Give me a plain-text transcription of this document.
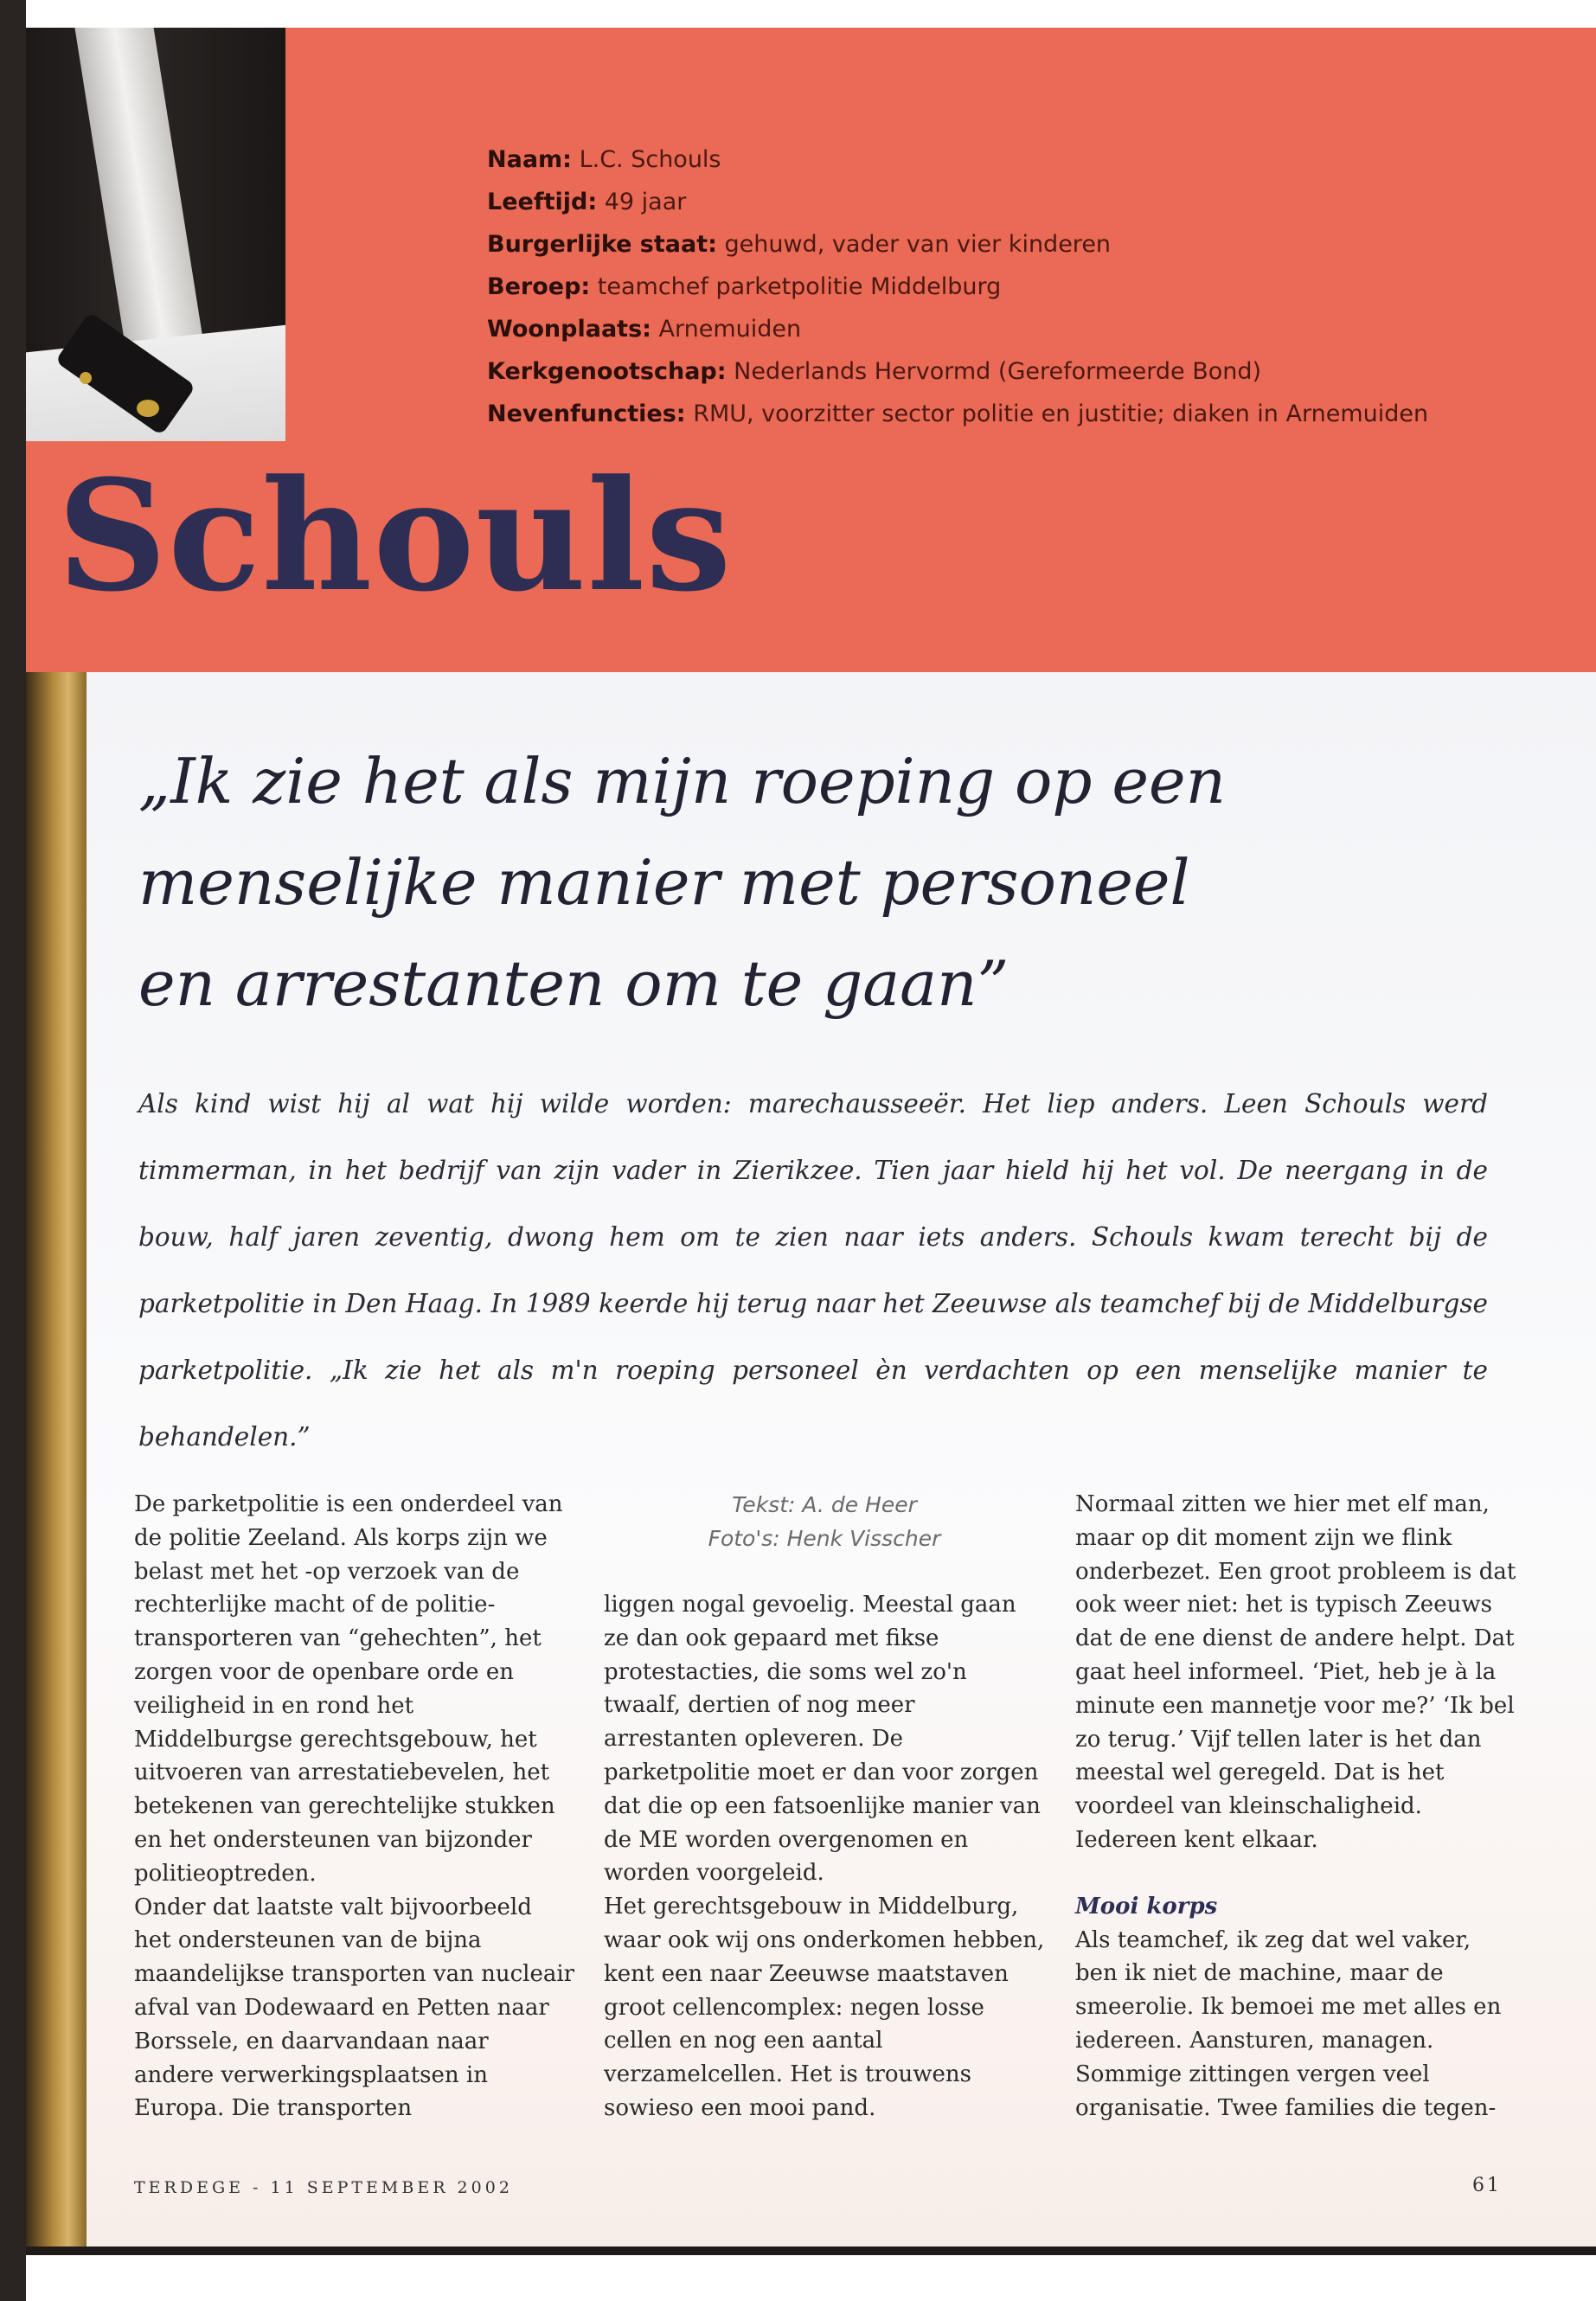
Naam: L.C. Schouls
Leeftijd: 49 jaar
Burgerlijke staat: gehuwd, vader van vier kinderen
Beroep: teamchef parketpolitie Middelburg
Woonplaats: Arnemuiden
Kerkgenootschap: Nederlands Hervormd (Gereformeerde Bond)
Nevenfuncties: RMU, voorzitter sector politie en justitie; diaken in Arnemuiden
Schouls

„Ik zie het als mijn roeping op een menselijke manier met personeel en arrestanten om te gaan”

Als kind wist hij al wat hij wilde worden: marechausseeër. Het liep anders. Leen Schouls werd timmerman, in het bedrijf van zijn vader in Zierikzee. Tien jaar hield hij het vol. De neergang in de bouw, half jaren zeventig, dwong hem om te zien naar iets anders. Schouls kwam terecht bij de parketpolitie in Den Haag. In 1989 keerde hij terug naar het Zeeuwse als teamchef bij de Middelburgse parketpolitie. „Ik zie het als m'n roeping personeel èn verdachten op een menselijke manier te behandelen.”

De parketpolitie is een onderdeel van de politie Zeeland. Als korps zijn we belast met het -op verzoek van de rechterlijke macht of de politie- transporteren van “gehechten”, het zorgen voor de openbare orde en veiligheid in en rond het Middelburgse gerechtsgebouw, het uitvoeren van arrestatiebevelen, het betekenen van gerechtelijke stukken en het ondersteunen van bijzonder politieoptreden.

Onder dat laatste valt bijvoorbeeld het ondersteunen van de bijna maandelijkse transporten van nucleair afval van Dodewaard en Petten naar Borssele, en daarvandaan naar andere verwerkingsplaatsen in Europa. Die transporten

Tekst: A. de Heer
Foto's: Henk Visscher

liggen nogal gevoelig. Meestal gaan ze dan ook gepaard met fikse protestacties, die soms wel zo'n twaalf, dertien of nog meer arrestanten opleveren. De parketpolitie moet er dan voor zorgen dat die op een fatsoenlijke manier van de ME worden overgenomen en worden voorgeleid.

Het gerechtsgebouw in Middelburg, waar ook wij ons onderkomen hebben, kent een naar Zeeuwse maatstaven groot cellencomplex: negen losse cellen en nog een aantal verzamelcellen. Het is trouwens sowieso een mooi pand.

Normaal zitten we hier met elf man, maar op dit moment zijn we flink onderbezet. Een groot probleem is dat ook weer niet: het is typisch Zeeuws dat de ene dienst de andere helpt. Dat gaat heel informeel. ‘Piet, heb je à la minute een mannetje voor me?’ ‘Ik bel zo terug.’ Vijf tellen later is het dan meestal wel geregeld. Dat is het voordeel van kleinschaligheid. Iedereen kent elkaar.

Mooi korps

Als teamchef, ik zeg dat wel vaker, ben ik niet de machine, maar de smeerolie. Ik bemoei me met alles en iedereen. Aansturen, managen. Sommige zittingen vergen veel organisatie. Twee families die tegen-

TERDEGE - 11 SEPTEMBER 2002	61
